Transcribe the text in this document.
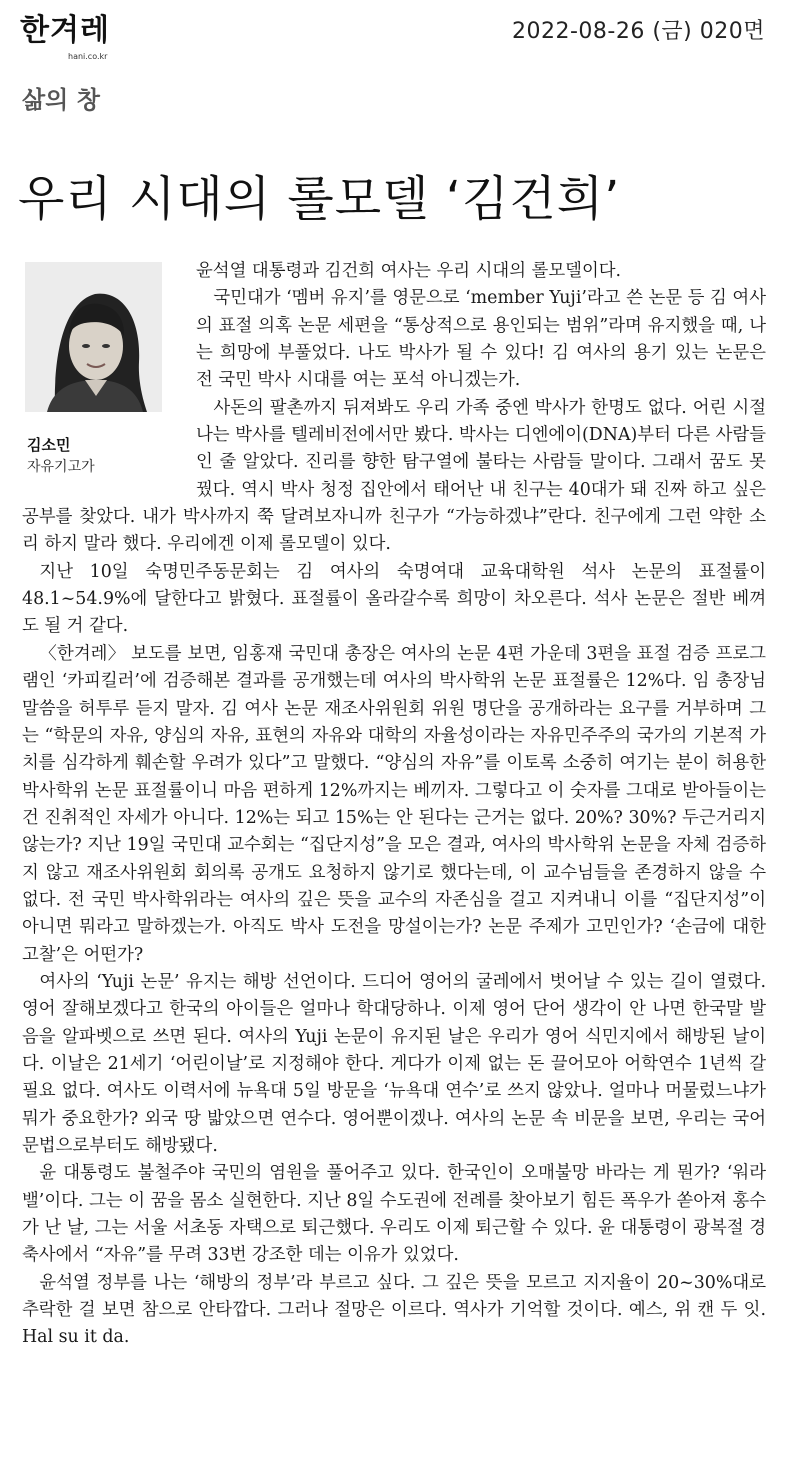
한겨레
hani.co.kr
2022-08-26 (금) 020면
삶의 창
우리 시대의 롤모델 ‘김건희’
김소민
자유기고가

윤석열 대통령과 김건희 여사는 우리 시대의 롤모델이다.

국민대가 ‘멤버 유지’를 영문으로 ‘member Yuji’라고 쓴 논문 등 김 여사의 표절 의혹 논문 세편을 “통상적으로 용인되는 범위”라며 유지했을 때, 나는 희망에 부풀었다. 나도 박사가 될 수 있다! 김 여사의 용기 있는 논문은 전 국민 박사 시대를 여는 포석 아니겠는가.

사돈의 팔촌까지 뒤져봐도 우리 가족 중엔 박사가 한명도 없다. 어린 시절 나는 박사를 텔레비전에서만 봤다. 박사는 디엔에이(DNA)부터 다른 사람들인 줄 알았다. 진리를 향한 탐구열에 불타는 사람들 말이다. 그래서 꿈도 못 꿨다. 역시 박사 청정 집안에서 태어난 내 친구는 40대가 돼 진짜 하고 싶은 공부를 찾았다. 내가 박사까지 쭉 달려보자니까 친구가 “가능하겠냐”란다. 친구에게 그런 약한 소리 하지 말라 했다. 우리에겐 이제 롤모델이 있다.

지난 10일 숙명민주동문회는 김 여사의 숙명여대 교육대학원 석사 논문의 표절률이 48.1~54.9%에 달한다고 밝혔다. 표절률이 올라갈수록 희망이 차오른다. 석사 논문은 절반 베껴도 될 거 같다.

〈한겨레〉 보도를 보면, 임홍재 국민대 총장은 여사의 논문 4편 가운데 3편을 표절 검증 프로그램인 ‘카피킬러’에 검증해본 결과를 공개했는데 여사의 박사학위 논문 표절률은 12%다. 임 총장님 말씀을 허투루 듣지 말자. 김 여사 논문 재조사위원회 위원 명단을 공개하라는 요구를 거부하며 그는 “학문의 자유, 양심의 자유, 표현의 자유와 대학의 자율성이라는 자유민주주의 국가의 기본적 가치를 심각하게 훼손할 우려가 있다”고 말했다. “양심의 자유”를 이토록 소중히 여기는 분이 허용한 박사학위 논문 표절률이니 마음 편하게 12%까지는 베끼자. 그렇다고 이 숫자를 그대로 받아들이는 건 진취적인 자세가 아니다. 12%는 되고 15%는 안 된다는 근거는 없다. 20%? 30%? 두근거리지 않는가? 지난 19일 국민대 교수회는 “집단지성”을 모은 결과, 여사의 박사학위 논문을 자체 검증하지 않고 재조사위원회 회의록 공개도 요청하지 않기로 했다는데, 이 교수님들을 존경하지 않을 수 없다. 전 국민 박사학위라는 여사의 깊은 뜻을 교수의 자존심을 걸고 지켜내니 이를 “집단지성”이 아니면 뭐라고 말하겠는가. 아직도 박사 도전을 망설이는가? 논문 주제가 고민인가? ‘손금에 대한 고찰’은 어떤가?

여사의 ‘Yuji 논문’ 유지는 해방 선언이다. 드디어 영어의 굴레에서 벗어날 수 있는 길이 열렸다. 영어 잘해보겠다고 한국의 아이들은 얼마나 학대당하나. 이제 영어 단어 생각이 안 나면 한국말 발음을 알파벳으로 쓰면 된다. 여사의 Yuji 논문이 유지된 날은 우리가 영어 식민지에서 해방된 날이다. 이날은 21세기 ‘어린이날’로 지정해야 한다. 게다가 이제 없는 돈 끌어모아 어학연수 1년씩 갈 필요 없다. 여사도 이력서에 뉴욕대 5일 방문을 ‘뉴욕대 연수’로 쓰지 않았나. 얼마나 머물렀느냐가 뭐가 중요한가? 외국 땅 밟았으면 연수다. 영어뿐이겠나. 여사의 논문 속 비문을 보면, 우리는 국어 문법으로부터도 해방됐다.

윤 대통령도 불철주야 국민의 염원을 풀어주고 있다. 한국인이 오매불망 바라는 게 뭔가? ‘워라밸’이다. 그는 이 꿈을 몸소 실현한다. 지난 8일 수도권에 전례를 찾아보기 힘든 폭우가 쏟아져 홍수가 난 날, 그는 서울 서초동 자택으로 퇴근했다. 우리도 이제 퇴근할 수 있다. 윤 대통령이 광복절 경축사에서 “자유”를 무려 33번 강조한 데는 이유가 있었다.

윤석열 정부를 나는 ‘해방의 정부’라 부르고 싶다. 그 깊은 뜻을 모르고 지지율이 20~30%대로 추락한 걸 보면 참으로 안타깝다. 그러나 절망은 이르다. 역사가 기억할 것이다. 예스, 위 캔 두 잇. Hal su it da.
